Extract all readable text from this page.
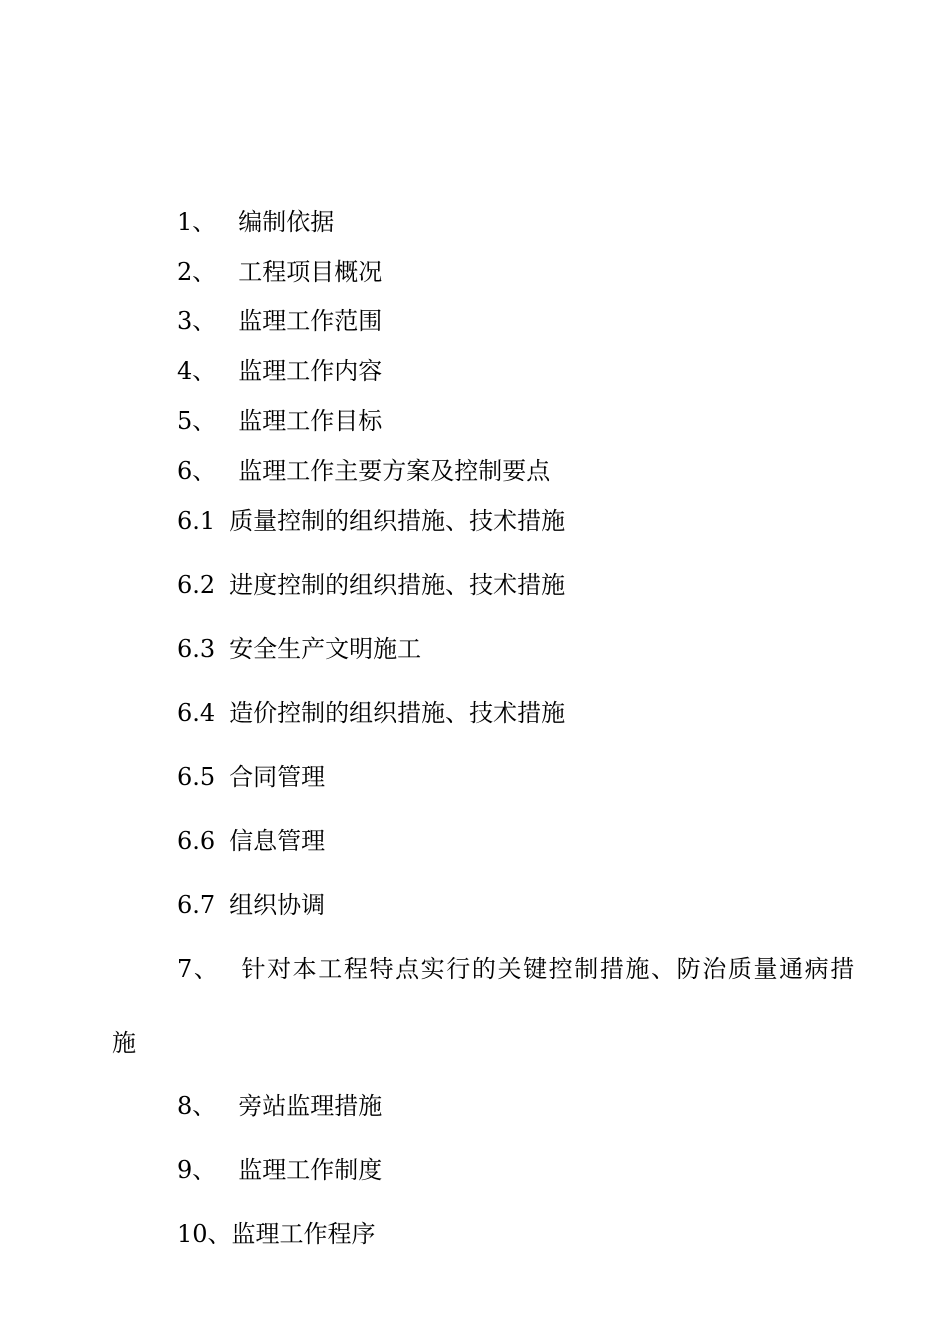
1、 编制依据
2、 工程项目概况
3、 监理工作范围
4、 监理工作内容
5、 监理工作目标
6、 监理工作主要方案及控制要点
6.1 质量控制的组织措施、技术措施
6.2 进度控制的组织措施、技术措施
6.3 安全生产文明施工
6.4 造价控制的组织措施、技术措施
6.5 合同管理
6.6 信息管理
6.7 组织协调
7、 针对本工程特点实行的关键控制措施、防治质量通病措
施
8、 旁站监理措施
9、 监理工作制度
10、监理工作程序
